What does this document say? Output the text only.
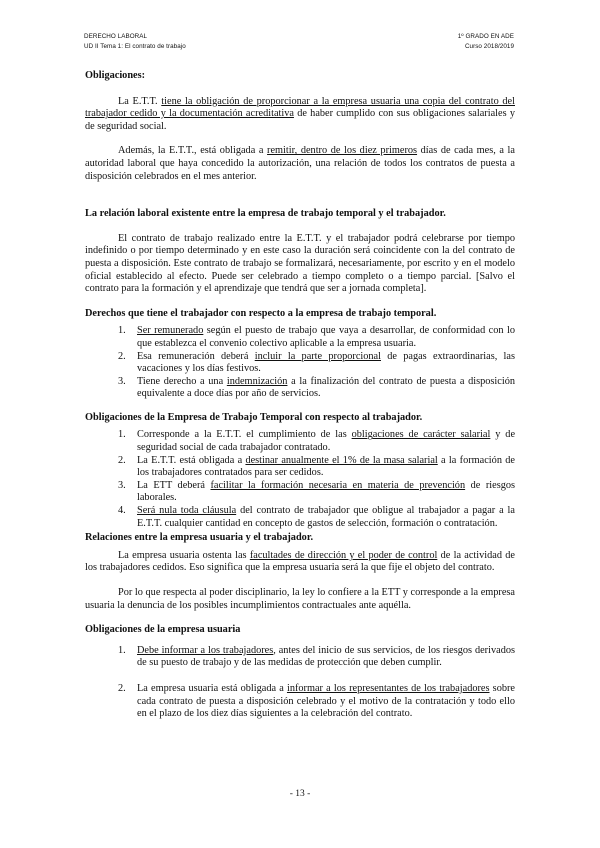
DERECHO LABORAL
UD II Tema 1: El contrato de trabajo
1º GRADO EN ADE
Curso 2018/2019

Obligaciones:

La E.T.T. tiene la obligación de proporcionar a la empresa usuaria una copia del contrato del trabajador cedido y la documentación acreditativa de haber cumplido con sus obligaciones salariales y de seguridad social.

Además, la E.T.T., está obligada a remitir, dentro de los diez primeros días de cada mes, a la autoridad laboral que haya concedido la autorización, una relación de todos los contratos de puesta a disposición celebrados en el mes anterior.

La relación laboral existente entre la empresa de trabajo temporal y el trabajador.

El contrato de trabajo realizado entre la E.T.T. y el trabajador podrá celebrarse por tiempo indefinido o por tiempo determinado y en este caso la duración será coincidente con la del contrato de puesta a disposición. Este contrato de trabajo se formalizará, necesariamente, por escrito y en el modelo oficial establecido al efecto. Puede ser celebrado a tiempo completo o a tiempo parcial. [Salvo el contrato para la formación y el aprendizaje que tendrá que ser a jornada completa].

Derechos que tiene el trabajador con respecto a la empresa de trabajo temporal.

1. Ser remunerado según el puesto de trabajo que vaya a desarrollar, de conformidad con lo que establezca el convenio colectivo aplicable a la empresa usuaria.
2. Esa remuneración deberá incluir la parte proporcional de pagas extraordinarias, las vacaciones y los días festivos.
3. Tiene derecho a una indemnización a la finalización del contrato de puesta a disposición equivalente a doce días por año de servicios.

Obligaciones de la Empresa de Trabajo Temporal con respecto al trabajador.

1. Corresponde a la E.T.T. el cumplimiento de las obligaciones de carácter salarial y de seguridad social de cada trabajador contratado.
2. La E.T.T. está obligada a destinar anualmente el 1% de la masa salarial a la formación de los trabajadores contratados para ser cedidos.
3. La ETT deberá facilitar la formación necesaria en materia de prevención de riesgos laborales.
4. Será nula toda cláusula del contrato de trabajador que obligue al trabajador a pagar a la E.T.T. cualquier cantidad en concepto de gastos de selección, formación o contratación.

Relaciones entre la empresa usuaria y el trabajador.

La empresa usuaria ostenta las facultades de dirección y el poder de control de la actividad de los trabajadores cedidos. Eso significa que la empresa usuaria será la que fije el objeto del contrato.

Por lo que respecta al poder disciplinario, la ley lo confiere a la ETT y corresponde a la empresa usuaria la denuncia de los posibles incumplimientos contractuales ante aquélla.

Obligaciones de la empresa usuaria

1. Debe informar a los trabajadores, antes del inicio de sus servicios, de los riesgos derivados de su puesto de trabajo y de las medidas de protección que deben cumplir.
2. La empresa usuaria está obligada a informar a los representantes de los trabajadores sobre cada contrato de puesta a disposición celebrado y el motivo de la contratación y todo ello en el plazo de los diez días siguientes a la celebración del contrato.
- 13 -
